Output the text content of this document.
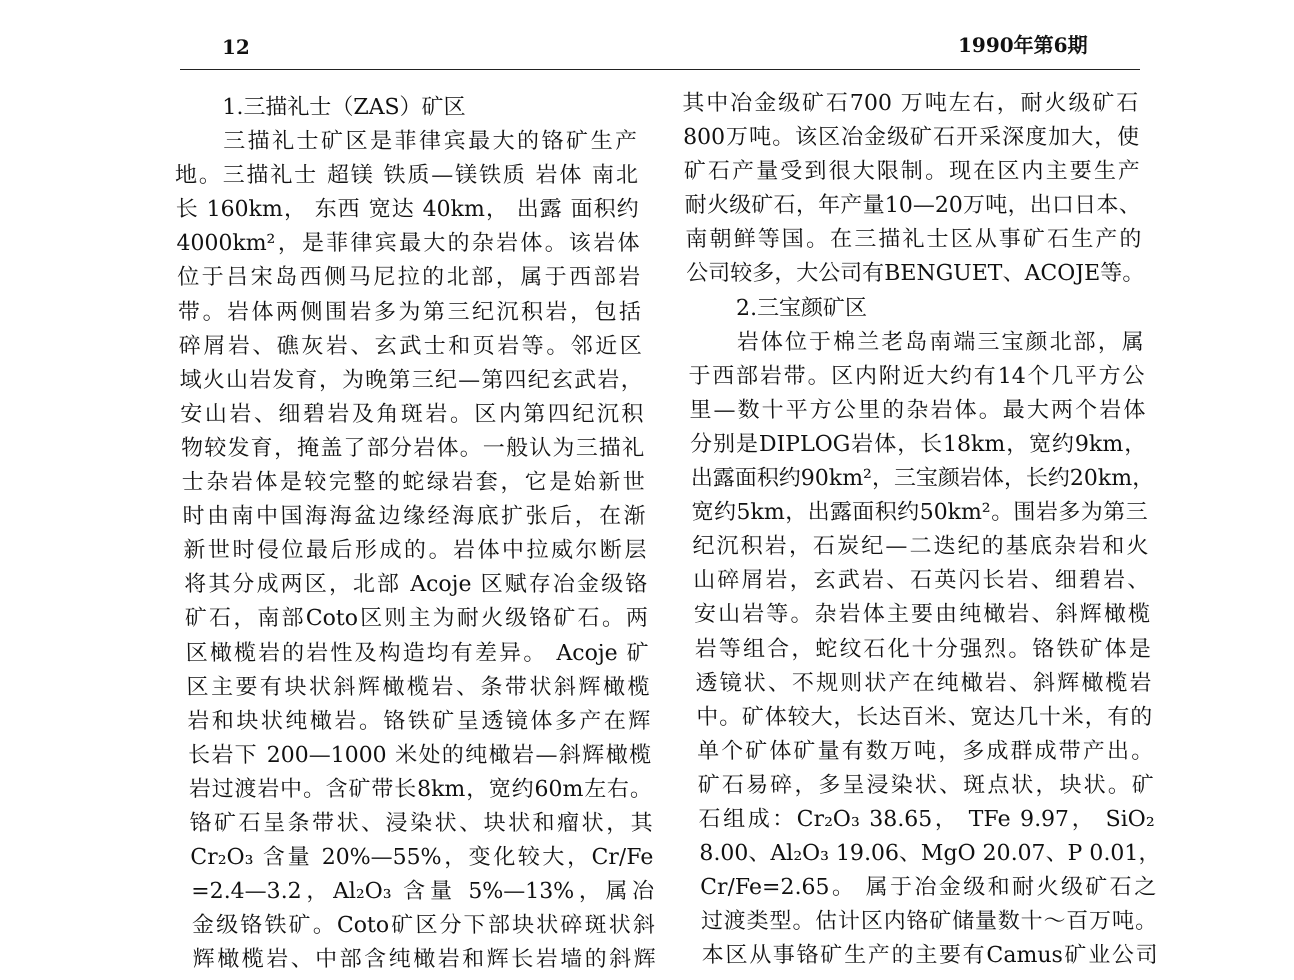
12	1990年第6期
1.三描礼士（ZAS）矿区
三描礼士矿区是菲律宾最大的铬矿生产
地。三描礼士 超镁 铁质—镁铁质 岩体 南北
长 160km， 东西 宽达 40km， 出露 面积约
4000km²，是菲律宾最大的杂岩体。该岩体
位于吕宋岛西侧马尼拉的北部，属于西部岩
带。岩体两侧围岩多为第三纪沉积岩，包括
碎屑岩、礁灰岩、玄武士和页岩等。邻近区
域火山岩发育，为晚第三纪—第四纪玄武岩，
安山岩、细碧岩及角斑岩。区内第四纪沉积
物较发育，掩盖了部分岩体。一般认为三描礼
士杂岩体是较完整的蛇绿岩套，它是始新世
时由南中国海海盆边缘经海底扩张后，在渐
新世时侵位最后形成的。岩体中拉威尔断层
将其分成两区，北部 Acoje 区赋存冶金级铬
矿石，南部Coto区则主为耐火级铬矿石。两
区橄榄岩的岩性及构造均有差异。 Acoje 矿
区主要有块状斜辉橄榄岩、条带状斜辉橄榄
岩和块状纯橄岩。铬铁矿呈透镜体多产在辉
长岩下 200—1000 米处的纯橄岩—斜辉橄榄
岩过渡岩中。含矿带长8km，宽约60m左右。
铬矿石呈条带状、浸染状、块状和瘤状，其
Cr₂O₃ 含量 20%—55%，变化较大，Cr/Fe
=2.4—3.2，Al₂O₃ 含量 5%—13%，属冶
金级铬铁矿。Coto矿区分下部块状碎斑状斜
辉橄榄岩、中部含纯橄岩和辉长岩墙的斜辉
其中冶金级矿石700 万吨左右，耐火级矿石
800万吨。该区冶金级矿石开采深度加大，使
矿石产量受到很大限制。现在区内主要生产
耐火级矿石，年产量10—20万吨，出口日本、
南朝鲜等国。在三描礼士区从事矿石生产的
公司较多，大公司有BENGUET、ACOJE等。
2.三宝颜矿区
岩体位于棉兰老岛南端三宝颜北部，属
于西部岩带。区内附近大约有14个几平方公
里—数十平方公里的杂岩体。最大两个岩体
分别是DIPLOG岩体，长18km，宽约9km，
出露面积约90km²，三宝颜岩体，长约20km，
宽约5km，出露面积约50km²。围岩多为第三
纪沉积岩，石炭纪—二迭纪的基底杂岩和火
山碎屑岩，玄武岩、石英闪长岩、细碧岩、
安山岩等。杂岩体主要由纯橄岩、斜辉橄榄
岩等组合，蛇纹石化十分强烈。铬铁矿体是
透镜状、不规则状产在纯橄岩、斜辉橄榄岩
中。矿体较大，长达百米、宽达几十米，有的
单个矿体矿量有数万吨，多成群成带产出。
矿石易碎，多呈浸染状、斑点状，块状。矿
石组成：Cr₂O₃ 38.65， TFe 9.97， SiO₂
8.00、Al₂O₃ 19.06、MgO 20.07、P 0.01，
Cr/Fe=2.65。 属于冶金级和耐火级矿石之
过渡类型。估计区内铬矿储量数十～百万吨。
本区从事铬矿生产的主要有Camus矿业公司
